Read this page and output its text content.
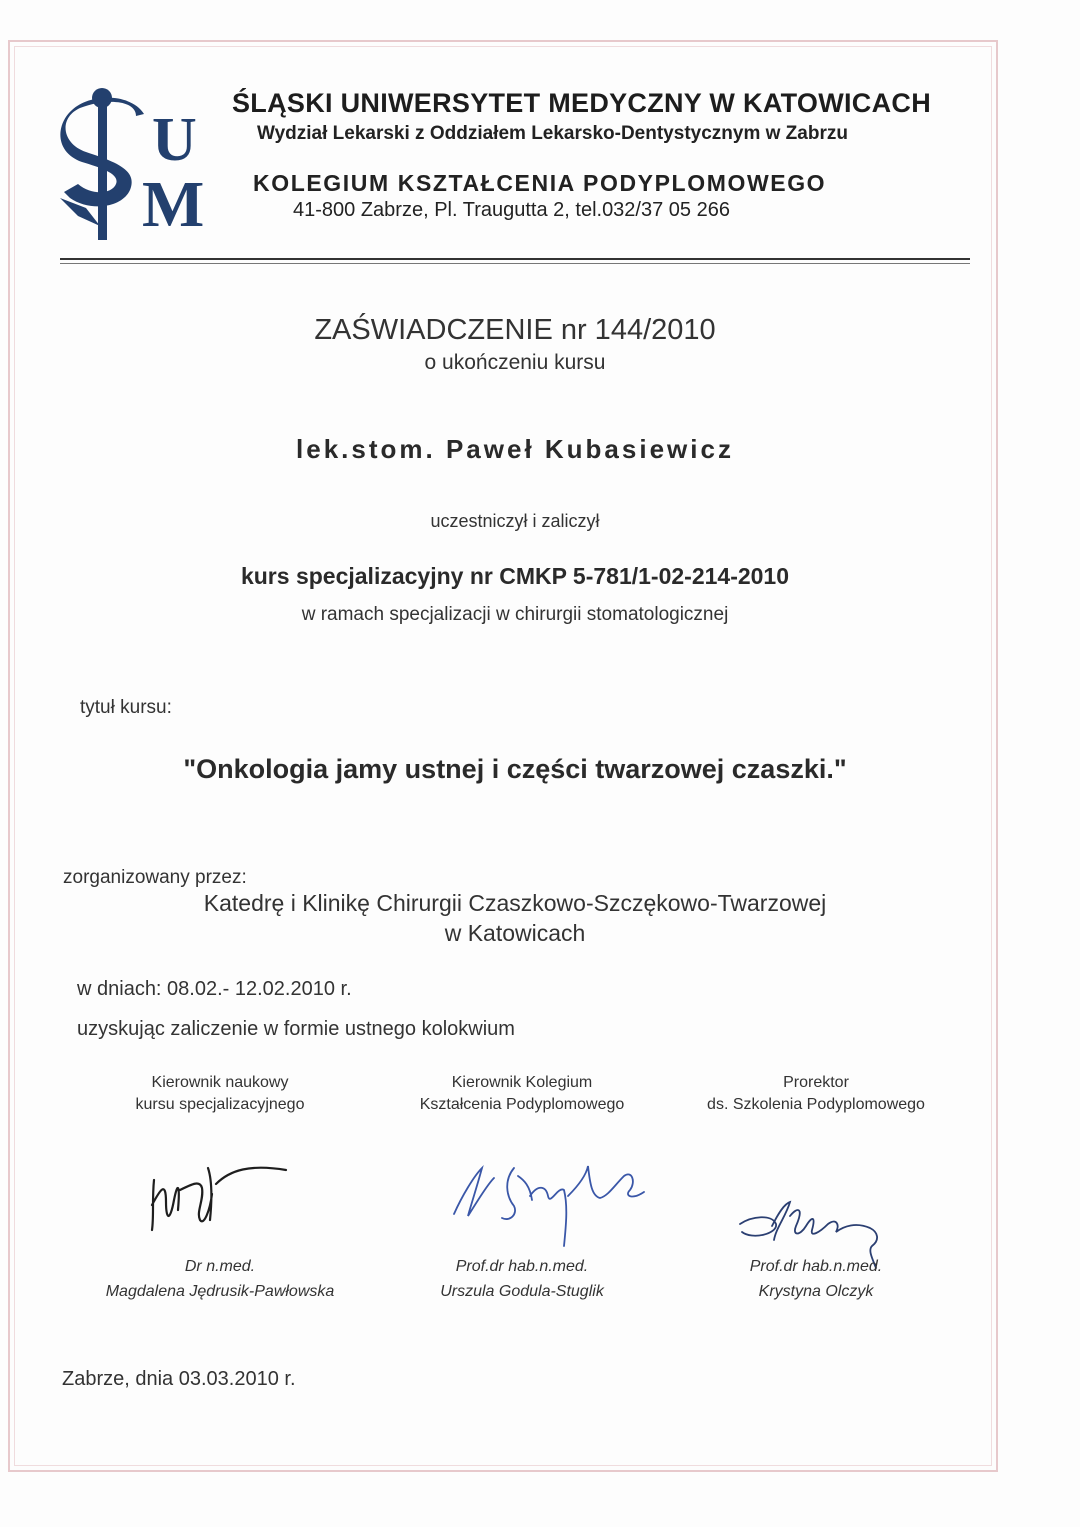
U
M
ŚLĄSKI UNIWERSYTET MEDYCZNY W KATOWICACH
Wydział Lekarski z Oddziałem Lekarsko-Dentystycznym w Zabrzu
KOLEGIUM KSZTAŁCENIA PODYPLOMOWEGO
41-800 Zabrze, Pl. Traugutta 2, tel.032/37 05 266
ZAŚWIADCZENIE nr 144/2010
o ukończeniu kursu
lek.stom. Paweł Kubasiewicz
uczestniczył i zaliczył
kurs specjalizacyjny nr CMKP 5-781/1-02-214-2010
w ramach specjalizacji w chirurgii stomatologicznej
tytuł kursu:
"Onkologia jamy ustnej i części twarzowej czaszki."
zorganizowany przez:
Katedrę i Klinikę Chirurgii Czaszkowo-Szczękowo-Twarzowej
w Katowicach
w dniach: 08.02.- 12.02.2010 r.
uzyskując zaliczenie w formie ustnego kolokwium
Kierownik naukowy
kursu specjalizacyjnego
Dr n.med.
Magdalena Jędrusik-Pawłowska
Kierownik Kolegium
Kształcenia Podyplomowego
Prof.dr hab.n.med.
Urszula Godula-Stuglik
Prorektor
ds. Szkolenia Podyplomowego
Prof.dr hab.n.med.
Krystyna Olczyk
Zabrze, dnia 03.03.2010 r.
